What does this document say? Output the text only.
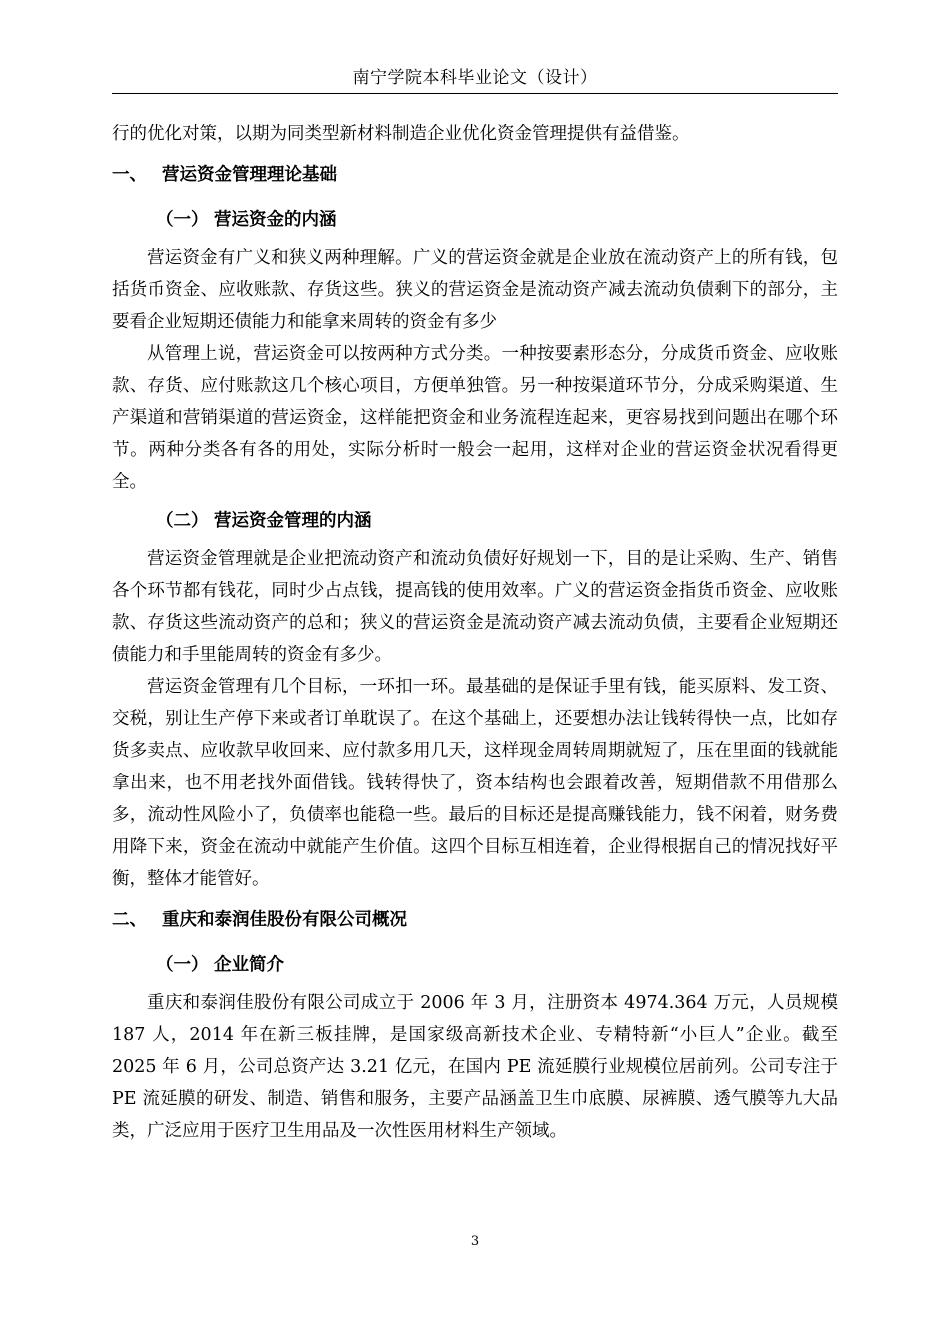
南宁学院本科毕业论文（设计）

行的优化对策，以期为同类型新材料制造企业优化资金管理提供有益借鉴。

一、 营运资金管理理论基础
（一） 营运资金的内涵

营运资金有广义和狭义两种理解。广义的营运资金就是企业放在流动资产上的所有钱，包括货币资金、应收账款、存货这些。狭义的营运资金是流动资产减去流动负债剩下的部分，主要看企业短期还债能力和能拿来周转的资金有多少

从管理上说，营运资金可以按两种方式分类。一种按要素形态分，分成货币资金、应收账款、存货、应付账款这几个核心项目，方便单独管。另一种按渠道环节分，分成采购渠道、生产渠道和营销渠道的营运资金，这样能把资金和业务流程连起来，更容易找到问题出在哪个环节。两种分类各有各的用处，实际分析时一般会一起用，这样对企业的营运资金状况看得更全。

（二） 营运资金管理的内涵

营运资金管理就是企业把流动资产和流动负债好好规划一下，目的是让采购、生产、销售各个环节都有钱花，同时少占点钱，提高钱的使用效率。广义的营运资金指货币资金、应收账款、存货这些流动资产的总和；狭义的营运资金是流动资产减去流动负债，主要看企业短期还债能力和手里能周转的资金有多少。

营运资金管理有几个目标，一环扣一环。最基础的是保证手里有钱，能买原料、发工资、交税，别让生产停下来或者订单耽误了。在这个基础上，还要想办法让钱转得快一点，比如存货多卖点、应收款早收回来、应付款多用几天，这样现金周转周期就短了，压在里面的钱就能拿出来，也不用老找外面借钱。钱转得快了，资本结构也会跟着改善，短期借款不用借那么多，流动性风险小了，负债率也能稳一些。最后的目标还是提高赚钱能力，钱不闲着，财务费用降下来，资金在流动中就能产生价值。这四个目标互相连着，企业得根据自己的情况找好平衡，整体才能管好。

二、 重庆和泰润佳股份有限公司概况
（一） 企业简介

重庆和泰润佳股份有限公司成立于 2006 年 3 月，注册资本 4974.364 万元，人员规模 187 人，2014 年在新三板挂牌，是国家级高新技术企业、专精特新“小巨人”企业。截至 2025 年 6 月，公司总资产达 3.21 亿元，在国内 PE 流延膜行业规模位居前列。公司专注于 PE 流延膜的研发、制造、销售和服务，主要产品涵盖卫生巾底膜、尿裤膜、透气膜等九大品类，广泛应用于医疗卫生用品及一次性医用材料生产领域。

3
